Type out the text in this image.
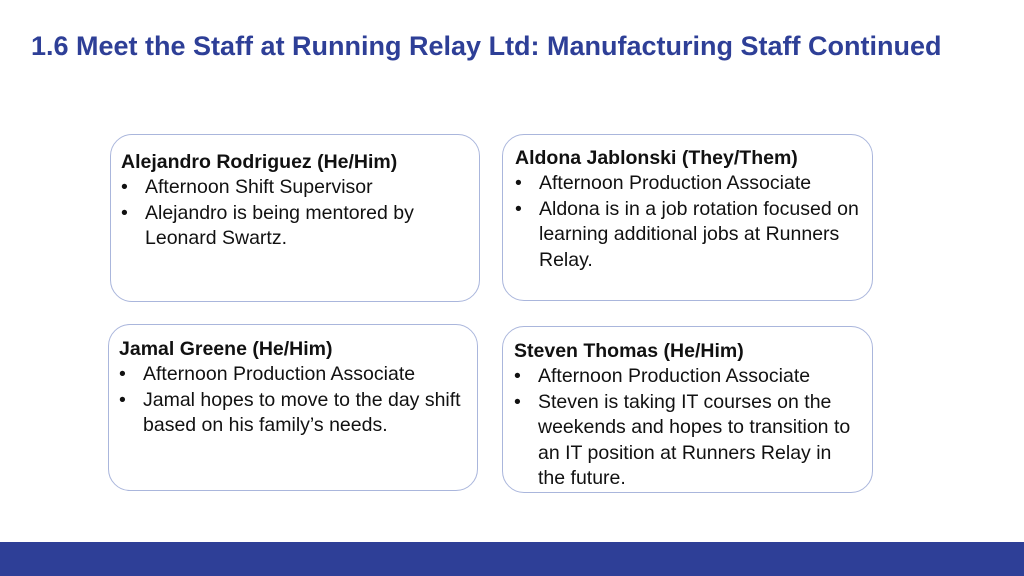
1.6 Meet the Staff at Running Relay Ltd: Manufacturing Staff Continued

Alejandro Rodriguez (He/Him)

• Afternoon Shift Supervisor
• Alejandro is being mentored by Leonard Swartz.

Aldona Jablonski (They/Them)

• Afternoon Production Associate
• Aldona is in a job rotation focused on learning additional jobs at Runners Relay.

Jamal Greene (He/Him)

• Afternoon Production Associate
• Jamal hopes to move to the day shift based on his family’s needs.

Steven Thomas (He/Him)

• Afternoon Production Associate
• Steven is taking IT courses on the weekends and hopes to transition to an IT position at Runners Relay in the future.
